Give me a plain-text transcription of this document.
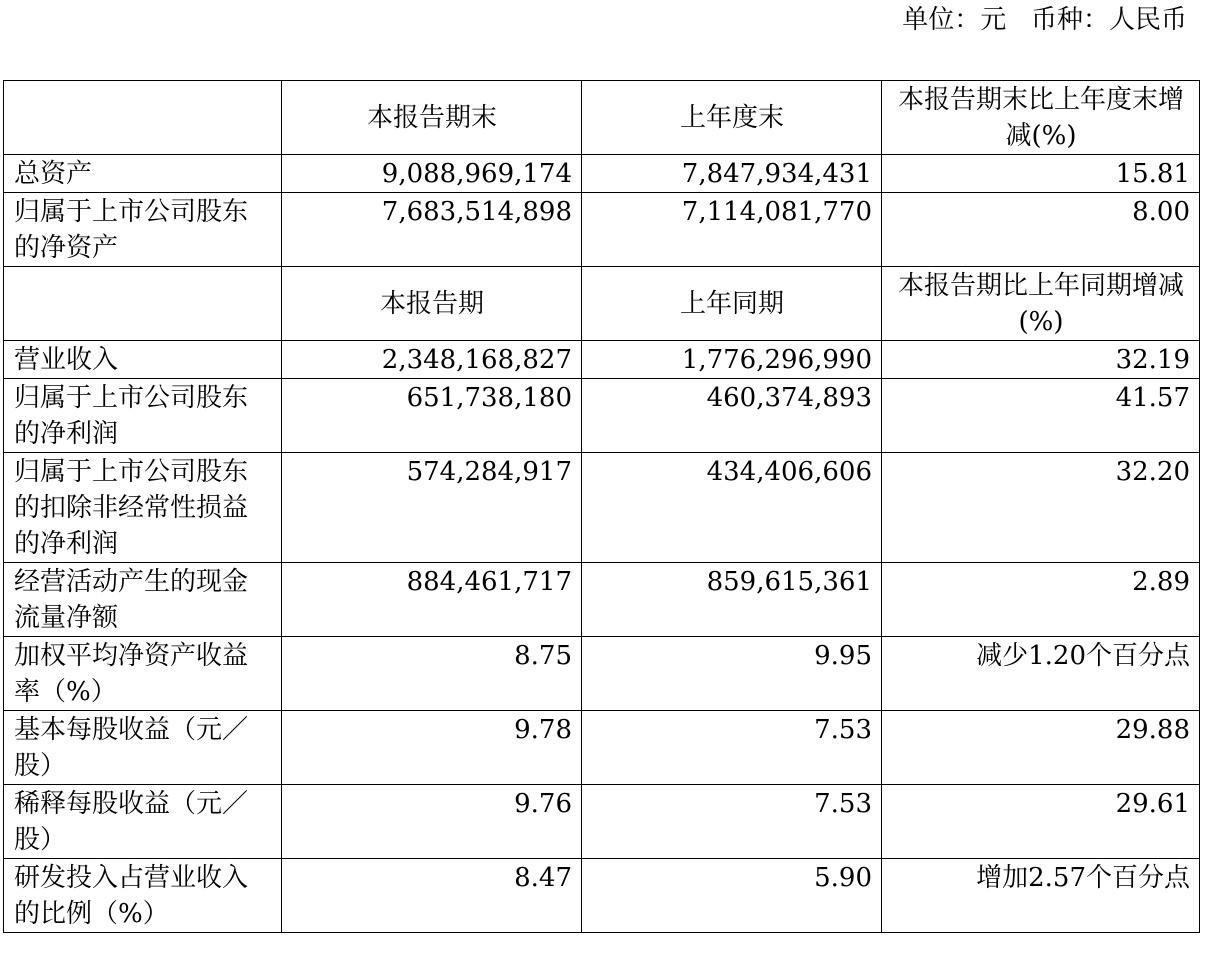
单位：元   币种：人民币
	本报告期末	上年度末	本报告期末比上年度末增减(%)
总资产	9,088,969,174	7,847,934,431	15.81
归属于上市公司股东的净资产	7,683,514,898	7,114,081,770	8.00
	本报告期	上年同期	本报告期比上年同期增减(%)
营业收入	2,348,168,827	1,776,296,990	32.19
归属于上市公司股东的净利润	651,738,180	460,374,893	41.57
归属于上市公司股东的扣除非经常性损益的净利润	574,284,917	434,406,606	32.20
经营活动产生的现金流量净额	884,461,717	859,615,361	2.89
加权平均净资产收益率（%）	8.75	9.95	减少1.20个百分点
基本每股收益（元／股）	9.78	7.53	29.88
稀释每股收益（元／股）	9.76	7.53	29.61
研发投入占营业收入的比例（%）	8.47	5.90	增加2.57个百分点
